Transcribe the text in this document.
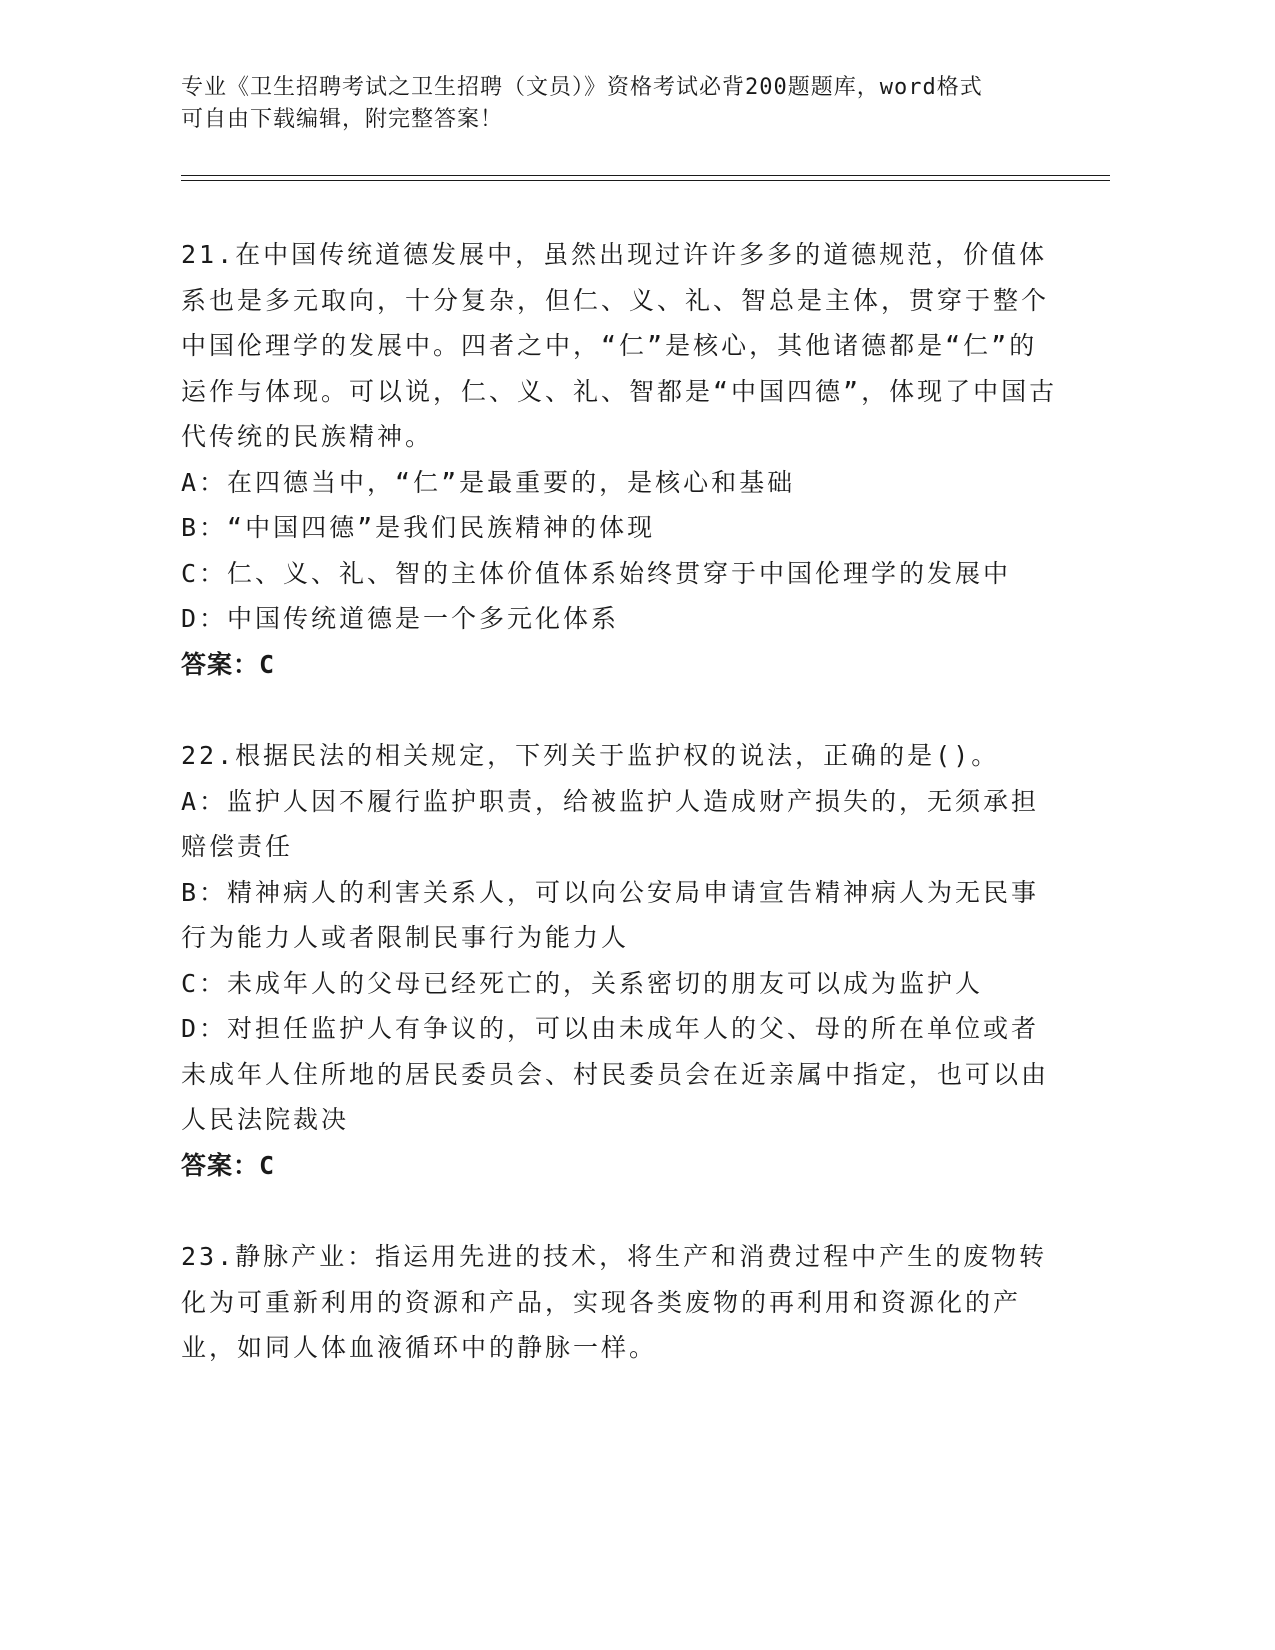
专业《卫生招聘考试之卫生招聘（文员）》资格考试必背200题题库，word格式
可自由下载编辑，附完整答案！

21.在中国传统道德发展中，虽然出现过许许多多的道德规范，价值体系也是多元取向，十分复杂，但仁、义、礼、智总是主体，贯穿于整个中国伦理学的发展中。四者之中，“仁”是核心，其他诸德都是“仁”的运作与体现。可以说，仁、义、礼、智都是“中国四德”，体现了中国古代传统的民族精神。

A：在四德当中，“仁”是最重要的，是核心和基础

B：“中国四德”是我们民族精神的体现

C：仁、义、礼、智的主体价值体系始终贯穿于中国伦理学的发展中

D：中国传统道德是一个多元化体系

答案：C

22.根据民法的相关规定，下列关于监护权的说法，正确的是()。

A：监护人因不履行监护职责，给被监护人造成财产损失的，无须承担赔偿责任

B：精神病人的利害关系人，可以向公安局申请宣告精神病人为无民事行为能力人或者限制民事行为能力人

C：未成年人的父母已经死亡的，关系密切的朋友可以成为监护人

D：对担任监护人有争议的，可以由未成年人的父、母的所在单位或者未成年人住所地的居民委员会、村民委员会在近亲属中指定，也可以由人民法院裁决

答案：C

23.静脉产业：指运用先进的技术，将生产和消费过程中产生的废物转化为可重新利用的资源和产品，实现各类废物的再利用和资源化的产业，如同人体血液循环中的静脉一样。
